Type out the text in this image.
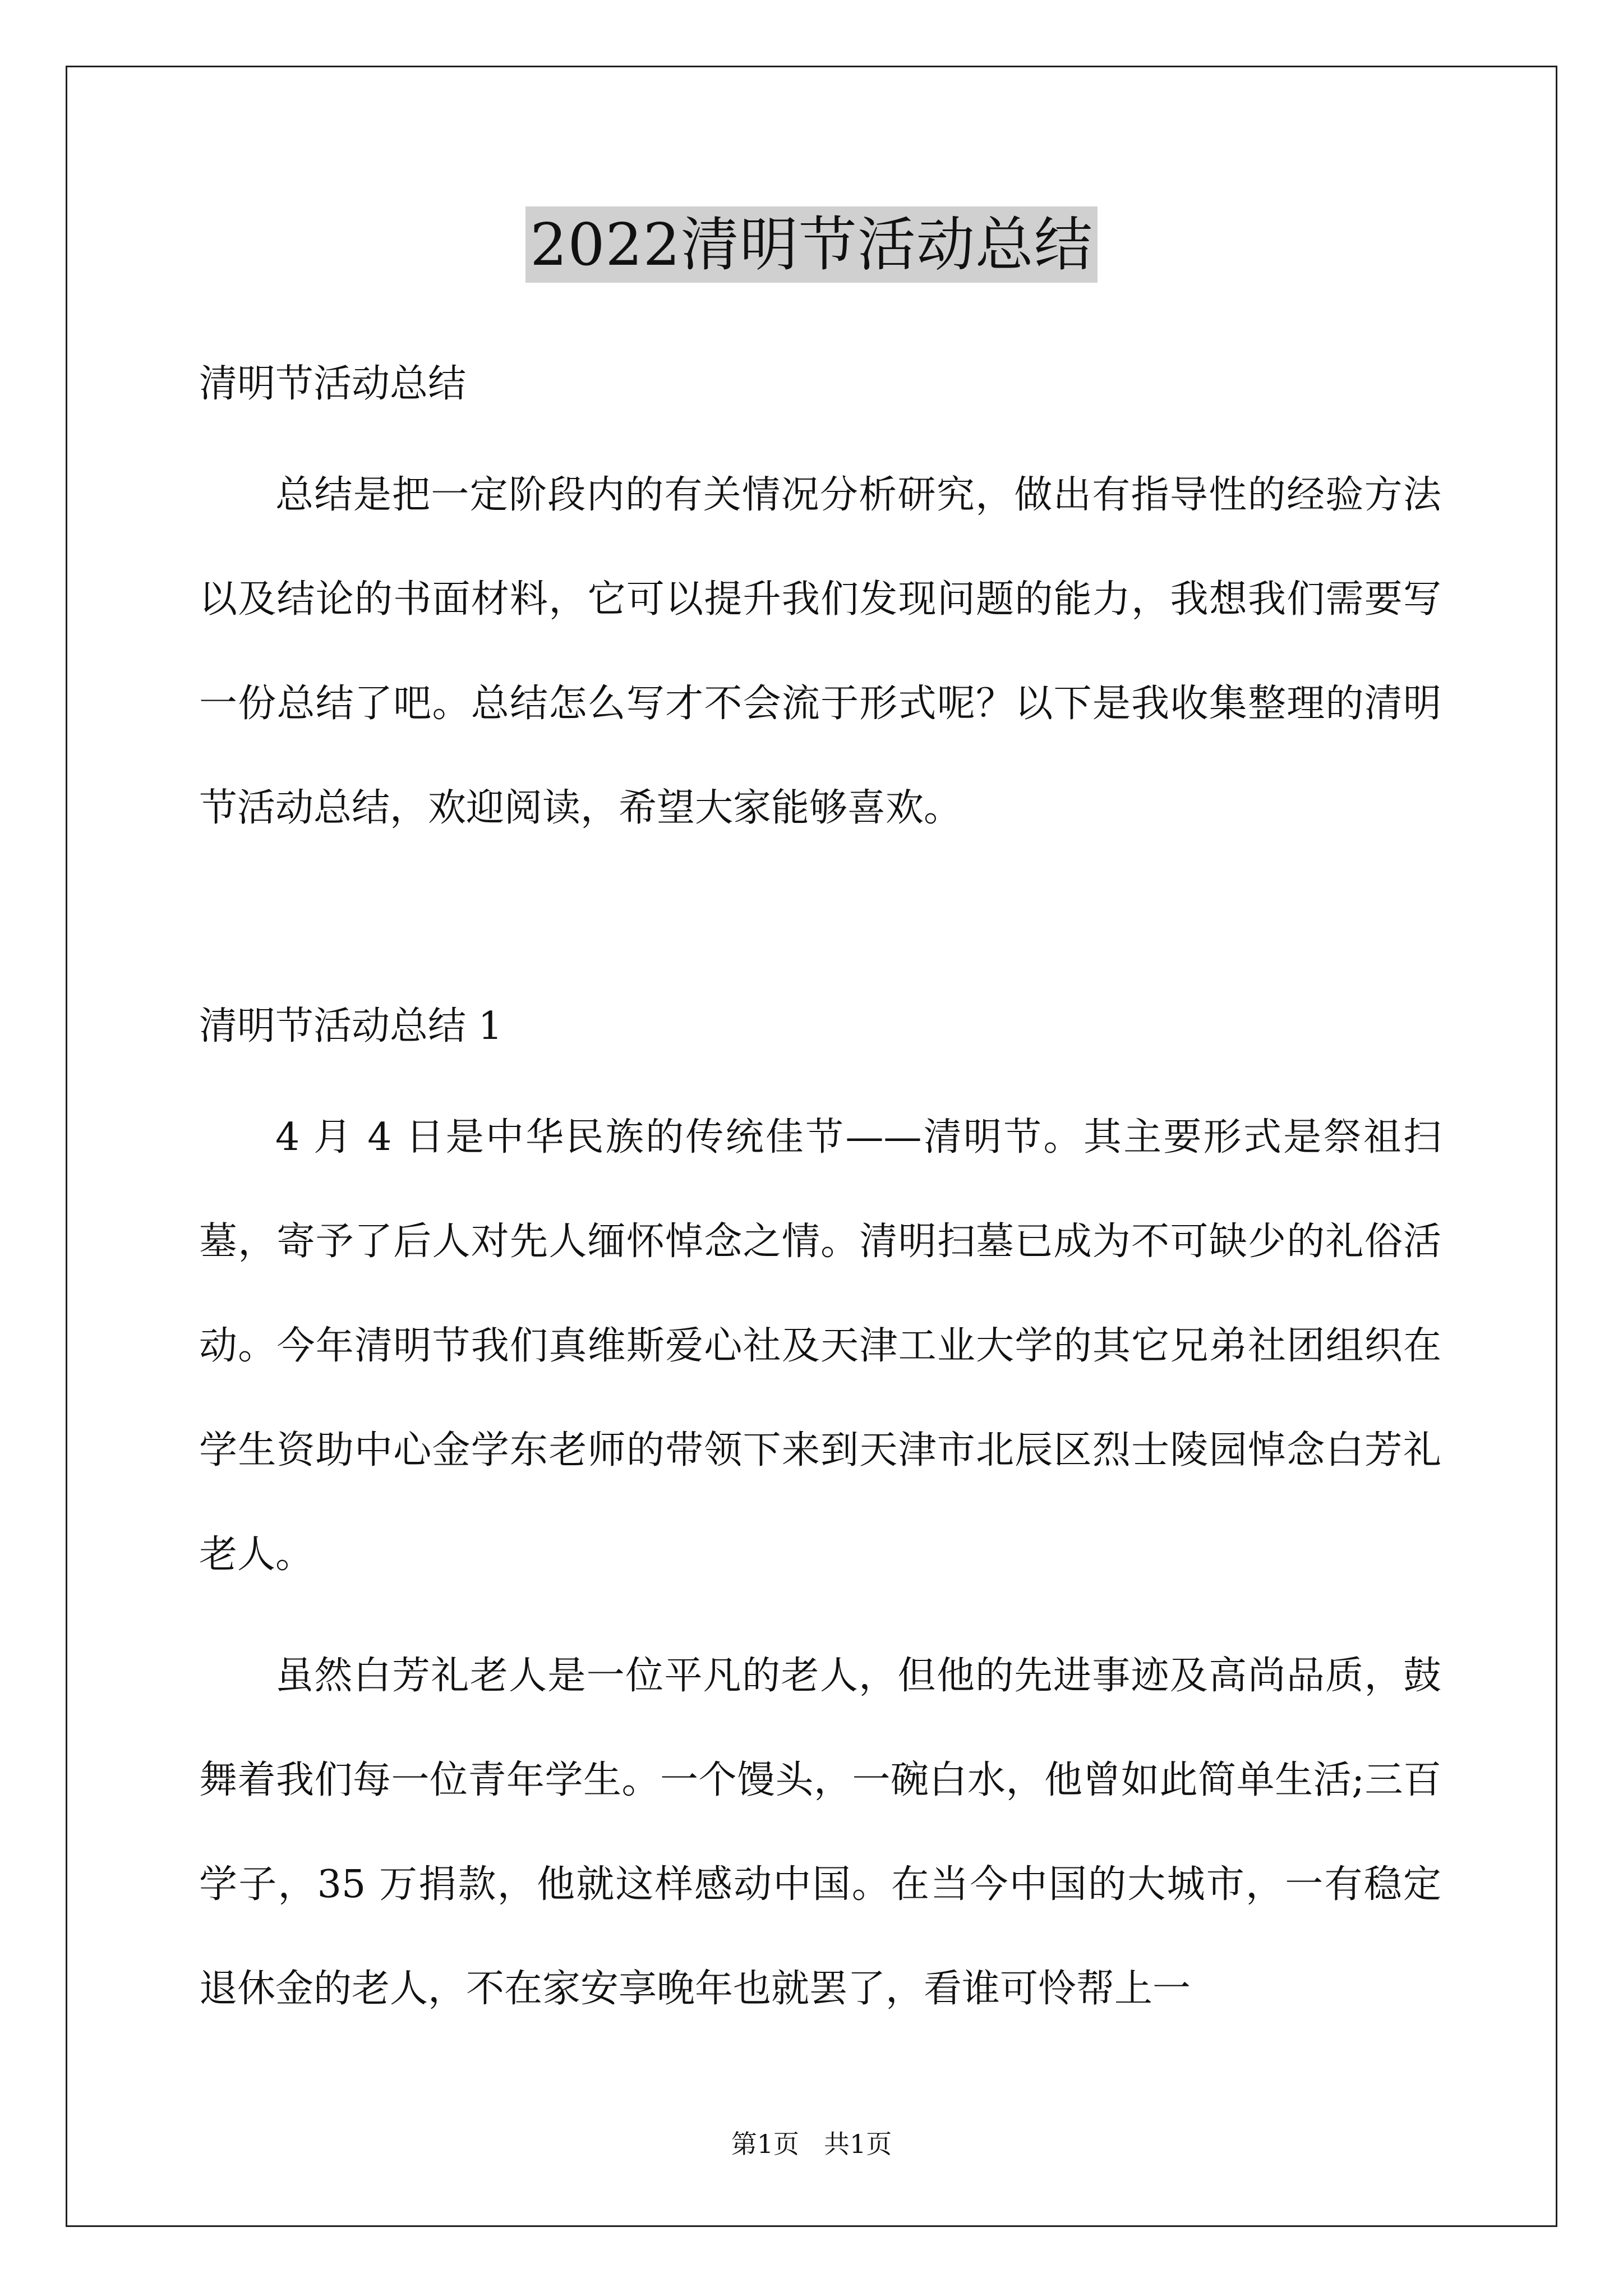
2022清明节活动总结
清明节活动总结

总结是把一定阶段内的有关情况分析研究，做出有指导性的经验方法以及结论的书面材料，它可以提升我们发现问题的能力，我想我们需要写一份总结了吧。总结怎么写才不会流于形式呢？以下是我收集整理的清明节活动总结，欢迎阅读，希望大家能够喜欢。

清明节活动总结 1

4 月 4 日是中华民族的传统佳节——清明节。其主要形式是祭祖扫墓，寄予了后人对先人缅怀悼念之情。清明扫墓已成为不可缺少的礼俗活动。今年清明节我们真维斯爱心社及天津工业大学的其它兄弟社团组织在学生资助中心金学东老师的带领下来到天津市北辰区烈士陵园悼念白芳礼老人。

虽然白芳礼老人是一位平凡的老人，但他的先进事迹及高尚品质，鼓舞着我们每一位青年学生。一个馒头，一碗白水，他曾如此简单生活;三百学子，35 万捐款，他就这样感动中国。在当今中国的大城市，一有稳定退休金的老人，不在家安享晚年也就罢了，看谁可怜帮上一

第1页 共1页
